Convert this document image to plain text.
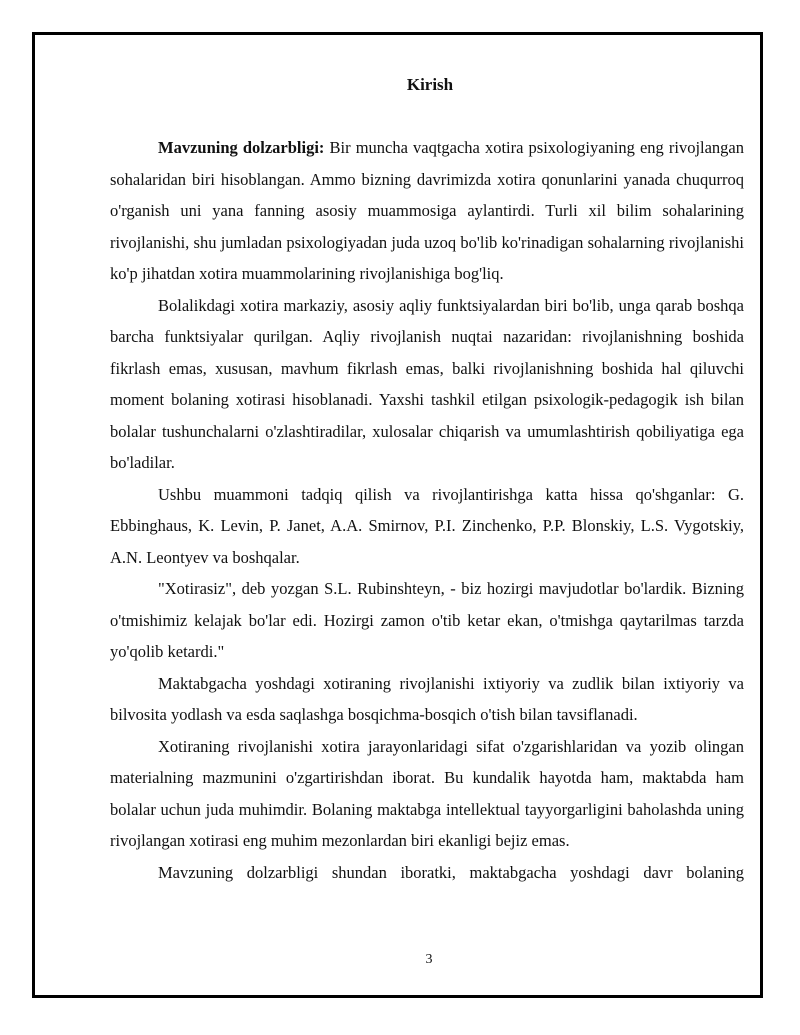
Kirish

Mavzuning dolzarbligi: Bir muncha vaqtgacha xotira psixologiyaning eng rivojlangan sohalaridan biri hisoblangan. Ammo bizning davrimizda xotira qonunlarini yanada chuqurroq o'rganish uni yana fanning asosiy muammosiga aylantirdi. Turli xil bilim sohalarining rivojlanishi, shu jumladan psixologiyadan juda uzoq bo'lib ko'rinadigan sohalarning rivojlanishi ko'p jihatdan xotira muammolarining rivojlanishiga bog'liq.

Bolalikdagi xotira markaziy, asosiy aqliy funktsiyalardan biri bo'lib, unga qarab boshqa barcha funktsiyalar qurilgan. Aqliy rivojlanish nuqtai nazaridan: rivojlanishning boshida fikrlash emas, xususan, mavhum fikrlash emas, balki rivojlanishning boshida hal qiluvchi moment bolaning xotirasi hisoblanadi. Yaxshi tashkil etilgan psixologik-pedagogik ish bilan bolalar tushunchalarni o'zlashtiradilar, xulosalar chiqarish va umumlashtirish qobiliyatiga ega bo'ladilar.

Ushbu muammoni tadqiq qilish va rivojlantirishga katta hissa qo'shganlar: G. Ebbinghaus, K. Levin, P. Janet, A.A. Smirnov, P.I. Zinchenko, P.P. Blonskiy, L.S. Vygotskiy, A.N. Leontyev va boshqalar.

"Xotirasiz", deb yozgan S.L. Rubinshteyn, - biz hozirgi mavjudotlar bo'lardik. Bizning o'tmishimiz kelajak bo'lar edi. Hozirgi zamon o'tib ketar ekan, o'tmishga qaytarilmas tarzda yo'qolib ketardi."

Maktabgacha yoshdagi xotiraning rivojlanishi ixtiyoriy va zudlik bilan ixtiyoriy va bilvosita yodlash va esda saqlashga bosqichma-bosqich o'tish bilan tavsiflanadi.

Xotiraning rivojlanishi xotira jarayonlaridagi sifat o'zgarishlaridan va yozib olingan materialning mazmunini o'zgartirishdan iborat. Bu kundalik hayotda ham, maktabda ham bolalar uchun juda muhimdir. Bolaning maktabga intellektual tayyorgarligini baholashda uning rivojlangan xotirasi eng muhim mezonlardan biri ekanligi bejiz emas.

Mavzuning dolzarbligi shundan iboratki, maktabgacha yoshdagi davr bolaning

3
